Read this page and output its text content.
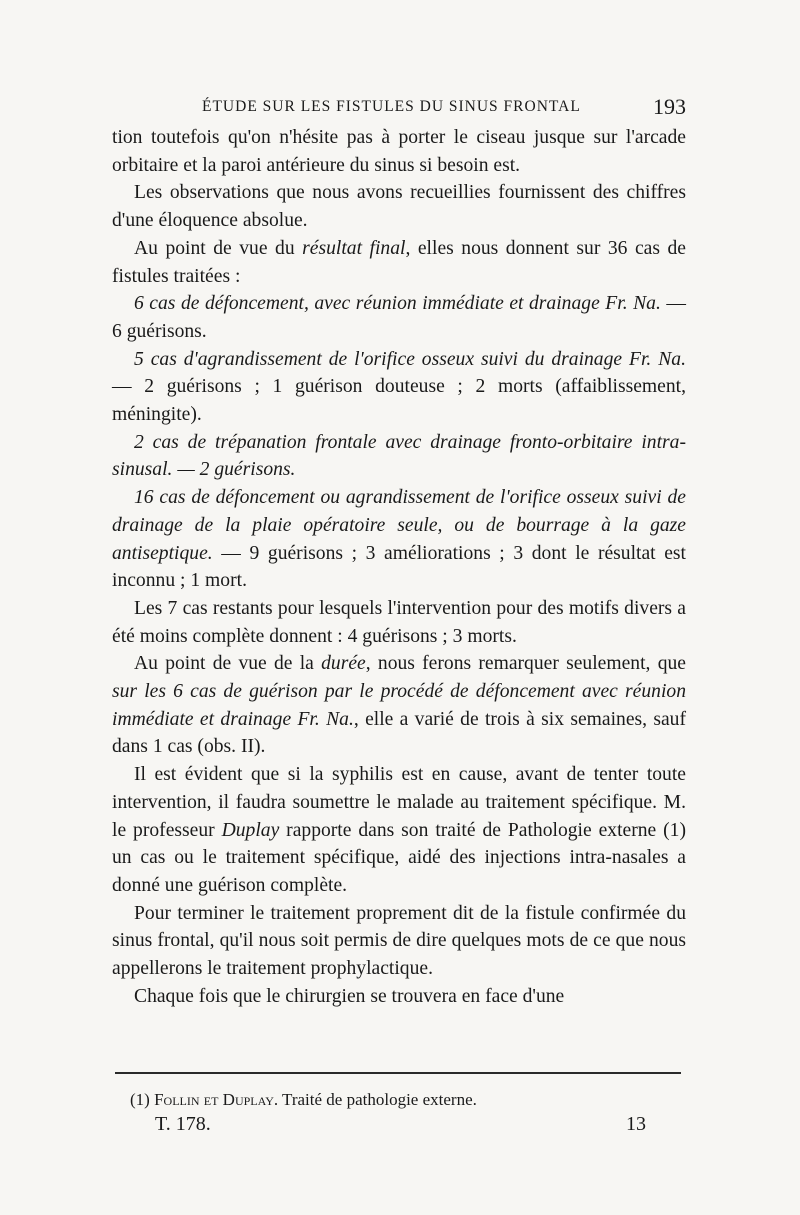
ÉTUDE SUR LES FISTULES DU SINUS FRONTAL	193

tion toutefois qu'on n'hésite pas à porter le ciseau jusque sur l'arcade orbitaire et la paroi antérieure du sinus si besoin est.

Les observations que nous avons recueillies fournissent des chiffres d'une éloquence absolue.

Au point de vue du résultat final, elles nous donnent sur 36 cas de fistules traitées :

6 cas de défoncement, avec réunion immédiate et drainage Fr. Na. — 6 guérisons.

5 cas d'agrandissement de l'orifice osseux suivi du drainage Fr. Na. — 2 guérisons ; 1 guérison douteuse ; 2 morts (affaiblissement, méningite).

2 cas de trépanation frontale avec drainage fronto-orbitaire intra-sinusal. — 2 guérisons.

16 cas de défoncement ou agrandissement de l'orifice osseux suivi de drainage de la plaie opératoire seule, ou de bourrage à la gaze antiseptique. — 9 guérisons ; 3 améliorations ; 3 dont le résultat est inconnu ; 1 mort.

Les 7 cas restants pour lesquels l'intervention pour des motifs divers a été moins complète donnent : 4 guérisons ; 3 morts.

Au point de vue de la durée, nous ferons remarquer seulement, que sur les 6 cas de guérison par le procédé de défoncement avec réunion immédiate et drainage Fr. Na., elle a varié de trois à six semaines, sauf dans 1 cas (obs. II).

Il est évident que si la syphilis est en cause, avant de tenter toute intervention, il faudra soumettre le malade au traitement spécifique. M. le professeur Duplay rapporte dans son traité de Pathologie externe (1) un cas ou le traitement spécifique, aidé des injections intra-nasales a donné une guérison complète.

Pour terminer le traitement proprement dit de la fistule confirmée du sinus frontal, qu'il nous soit permis de dire quelques mots de ce que nous appellerons le traitement prophylactique.

Chaque fois que le chirurgien se trouvera en face d'une

(1) Follin et Duplay. Traité de pathologie externe.
T. 178.	13
